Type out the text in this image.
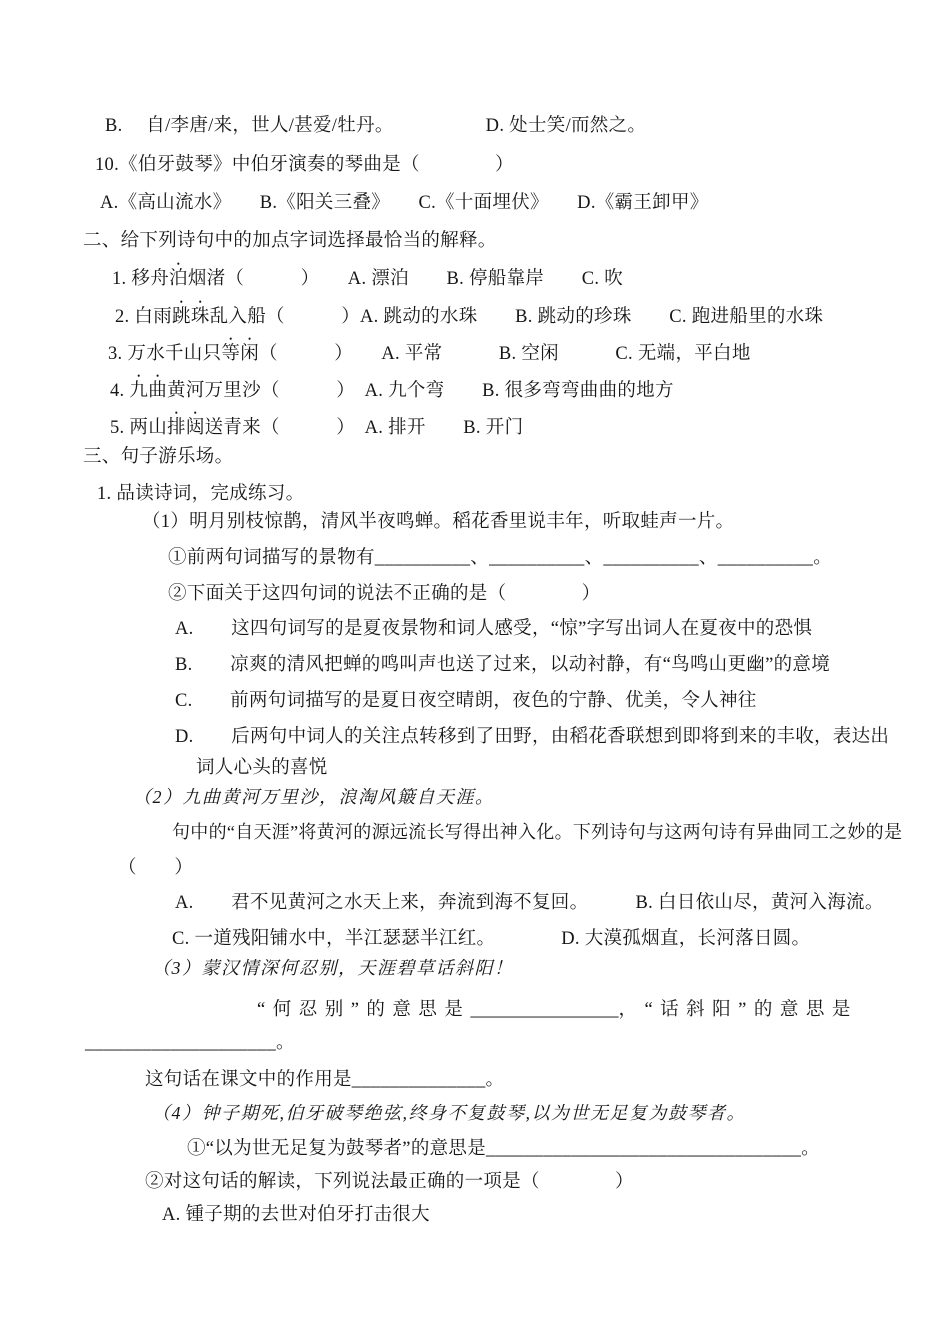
B.　 自/李唐/来，世人/甚爱/牡丹。	D. 处士笑/而然之。
10.《伯牙鼓琴》中伯牙演奏的琴曲是（　　　　）
A.《高山流水》　　B.《阳关三叠》　　C.《十面埋伏》　　D.《霸王卸甲》
二、给下列诗句中的加点字词选择最恰当的解释。
1. 移舟泊烟渚（　　　）　　A. 漂泊　　B. 停船靠岸　　C. 吹
2. 白雨跳珠乱入船（　　　）A. 跳动的水珠　　B. 跳动的珍珠　　C. 跑进船里的水珠
3. 万水千山只等闲（　　　）　　A. 平常　　　B. 空闲　　　C. 无端，平白地
4. 九曲黄河万里沙（　　　）　A. 九个弯　　B. 很多弯弯曲曲的地方
5. 两山排闼送青来（　　　）　A. 排开　　B. 开门
三、句子游乐场。
1. 品读诗词，完成练习。
（1）明月别枝惊鹊，清风半夜鸣蝉。稻花香里说丰年，听取蛙声一片。
①前两句词描写的景物有__________、__________、__________、__________。
②下面关于这四句词的说法不正确的是（　　　　）
A.　　这四句词写的是夏夜景物和词人感受，“惊”字写出词人在夏夜中的恐惧
B.　　凉爽的清风把蝉的鸣叫声也送了过来，以动衬静，有“鸟鸣山更幽”的意境
C.　　前两句词描写的是夏日夜空晴朗，夜色的宁静、优美，令人神往
D.　　后两句中词人的关注点转移到了田野，由稻花香联想到即将到来的丰收，表达出
词人心头的喜悦
（2）九曲黄河万里沙，浪淘风簸自天涯。
句中的“自天涯”将黄河的源远流长写得出神入化。下列诗句与这两句诗有异曲同工之妙的是
（　　）
A.　　君不见黄河之水天上来，奔流到海不复回。　　　B. 白日依山尽，黄河入海流。
C. 一道残阳铺水中，半江瑟瑟半江红。　　　　D. 大漠孤烟直，长河落日圆。
（3）蒙汉情深何忍别，天涯碧草话斜阳！
“何忍别”的意思是________________，“话斜阳”的意思是
____________________。
这句话在课文中的作用是______________。
（4）钟子期死,伯牙破琴绝弦,终身不复鼓琴,以为世无足复为鼓琴者。
①“以为世无足复为鼓琴者”的意思是_________________________________。
②对这句话的解读，下列说法最正确的一项是（　　　　）
A. 锺子期的去世对伯牙打击很大
